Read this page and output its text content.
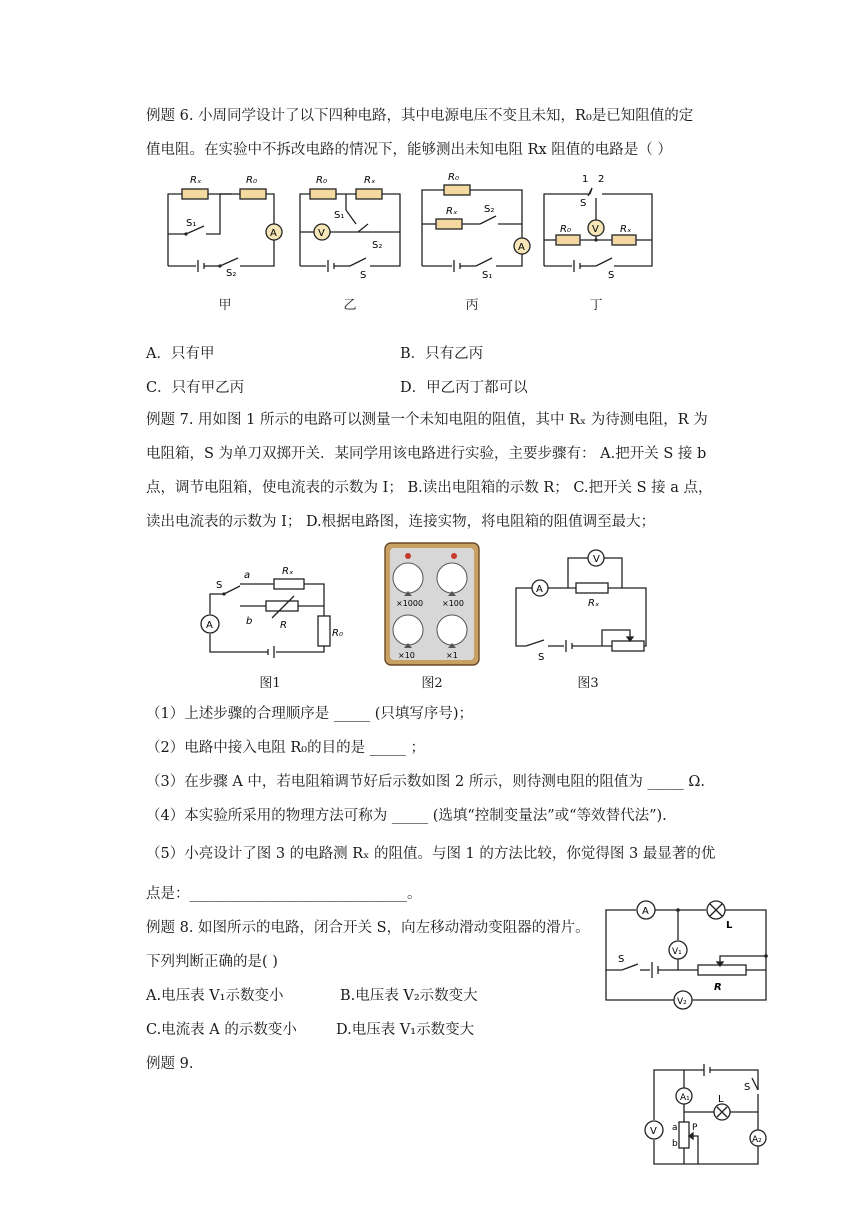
例题 6. 小周同学设计了以下四种电路，其中电源电压不变且未知，R₀是已知阻值的定
值电阻。在实验中不拆改电路的情况下，能够测出未知电阻 Rx 阻值的电路是（ ）
Rₓ	R₀
A
S₁
S₂
R₀	Rₓ
V
S₁
S₂
S
R₀
Rₓ	S₂
A
S₁
1 2
S
V
R₀	Rₓ
S
甲	乙	丙	丁
A．只有甲	B．只有乙丙
C．只有甲乙丙	D．甲乙丙丁都可以
例题 7. 用如图 1 所示的电路可以测量一个未知电阻的阻值，其中 Rₓ 为待测电阻，R 为
电阻箱，S 为单刀双掷开关．某同学用该电路进行实验，主要步骤有： A.把开关 S 接 b
点，调节电阻箱，使电流表的示数为 I； B.读出电阻箱的示数 R； C.把开关 S 接 a 点，
读出电流表的示数为 I； D.根据电路图，连接实物，将电阻箱的阻值调至最大；
S
a
b
Rₓ
R
R₀
A
×1000 ×100
×10	×1
V
A
Rₓ
S
图1	图2	图3
（1）上述步骤的合理顺序是 _____ (只填写序号)；
（2）电路中接入电阻 R₀的目的是 _____ ；
（3）在步骤 A 中，若电阻箱调节好后示数如图 2 所示，则待测电阻的阻值为 _____ Ω.
（4）本实验所采用的物理方法可称为 _____ (选填“控制变量法”或“等效替代法”).
（5）小亮设计了图 3 的电路测 Rₓ 的阻值。与图 1 的方法比较，你觉得图 3 最显著的优
点是：______________________________。
例题 8. 如图所示的电路，闭合开关 S，向左移动滑动变阻器的滑片。
下列判断正确的是( )
A.电压表 V₁示数变小	B.电压表 V₂示数变大
C.电流表 A 的示数变小	D.电压表 V₁示数变大
A
L
V₁
S
R
V₂
例题 9.
A₁
V
L
S
A₂
a
b
P
